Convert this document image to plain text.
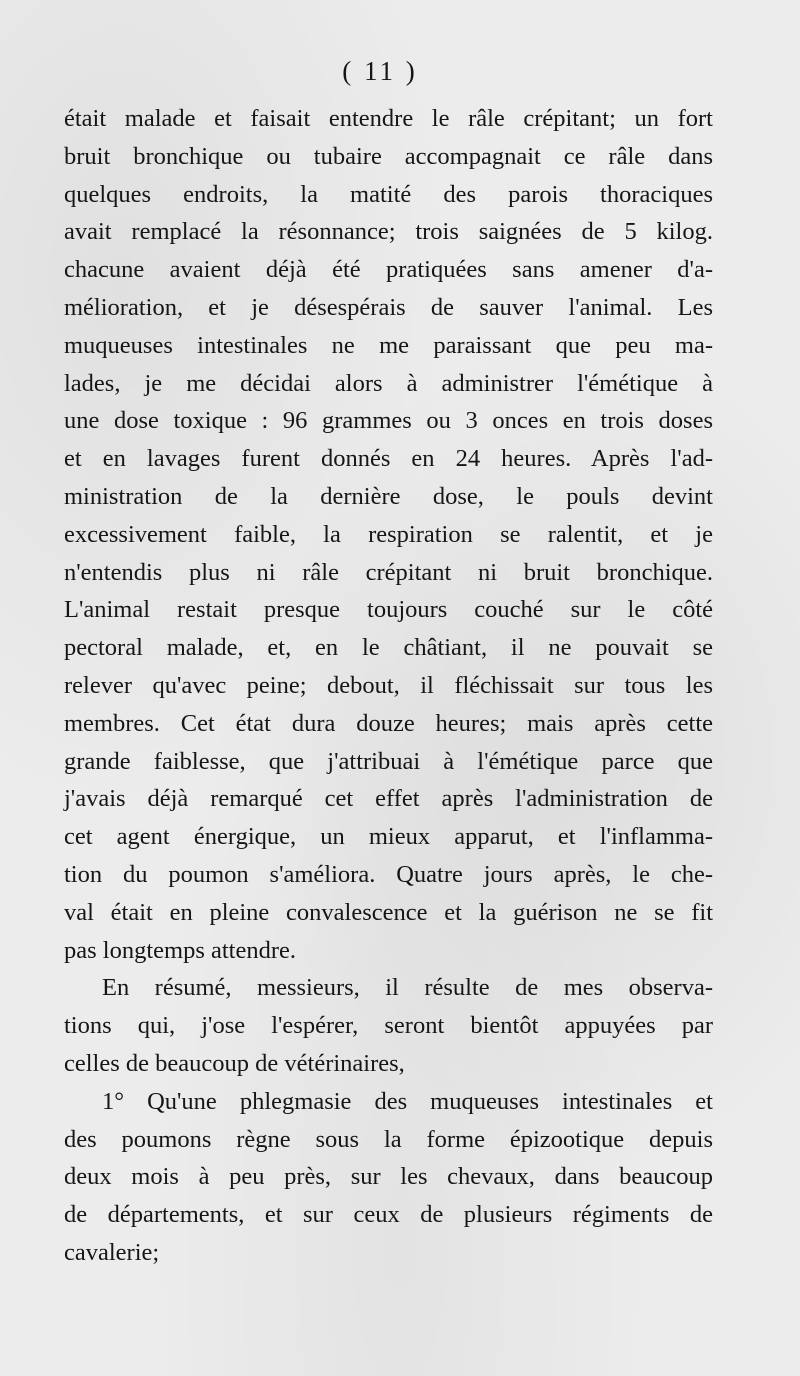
( 11 )

était malade et faisait entendre le râle crépitant; un fort
bruit bronchique ou tubaire accompagnait ce râle dans
quelques endroits, la matité des parois thoraciques
avait remplacé la résonnance; trois saignées de 5 kilog.
chacune avaient déjà été pratiquées sans amener d'a-
mélioration, et je désespérais de sauver l'animal. Les
muqueuses intestinales ne me paraissant que peu ma-
lades, je me décidai alors à administrer l'émétique à
une dose toxique : 96 grammes ou 3 onces en trois doses
et en lavages furent donnés en 24 heures. Après l'ad-
ministration de la dernière dose, le pouls devint
excessivement faible, la respiration se ralentit, et je
n'entendis plus ni râle crépitant ni bruit bronchique.
L'animal restait presque toujours couché sur le côté
pectoral malade, et, en le châtiant, il ne pouvait se
relever qu'avec peine; debout, il fléchissait sur tous les
membres. Cet état dura douze heures; mais après cette
grande faiblesse, que j'attribuai à l'émétique parce que
j'avais déjà remarqué cet effet après l'administration de
cet agent énergique, un mieux apparut, et l'inflamma-
tion du poumon s'améliora. Quatre jours après, le che-
val était en pleine convalescence et la guérison ne se fit
pas longtemps attendre.

En résumé, messieurs, il résulte de mes observa-
tions qui, j'ose l'espérer, seront bientôt appuyées par
celles de beaucoup de vétérinaires,

1° Qu'une phlegmasie des muqueuses intestinales et
des poumons règne sous la forme épizootique depuis
deux mois à peu près, sur les chevaux, dans beaucoup
de départements, et sur ceux de plusieurs régiments de
cavalerie;
